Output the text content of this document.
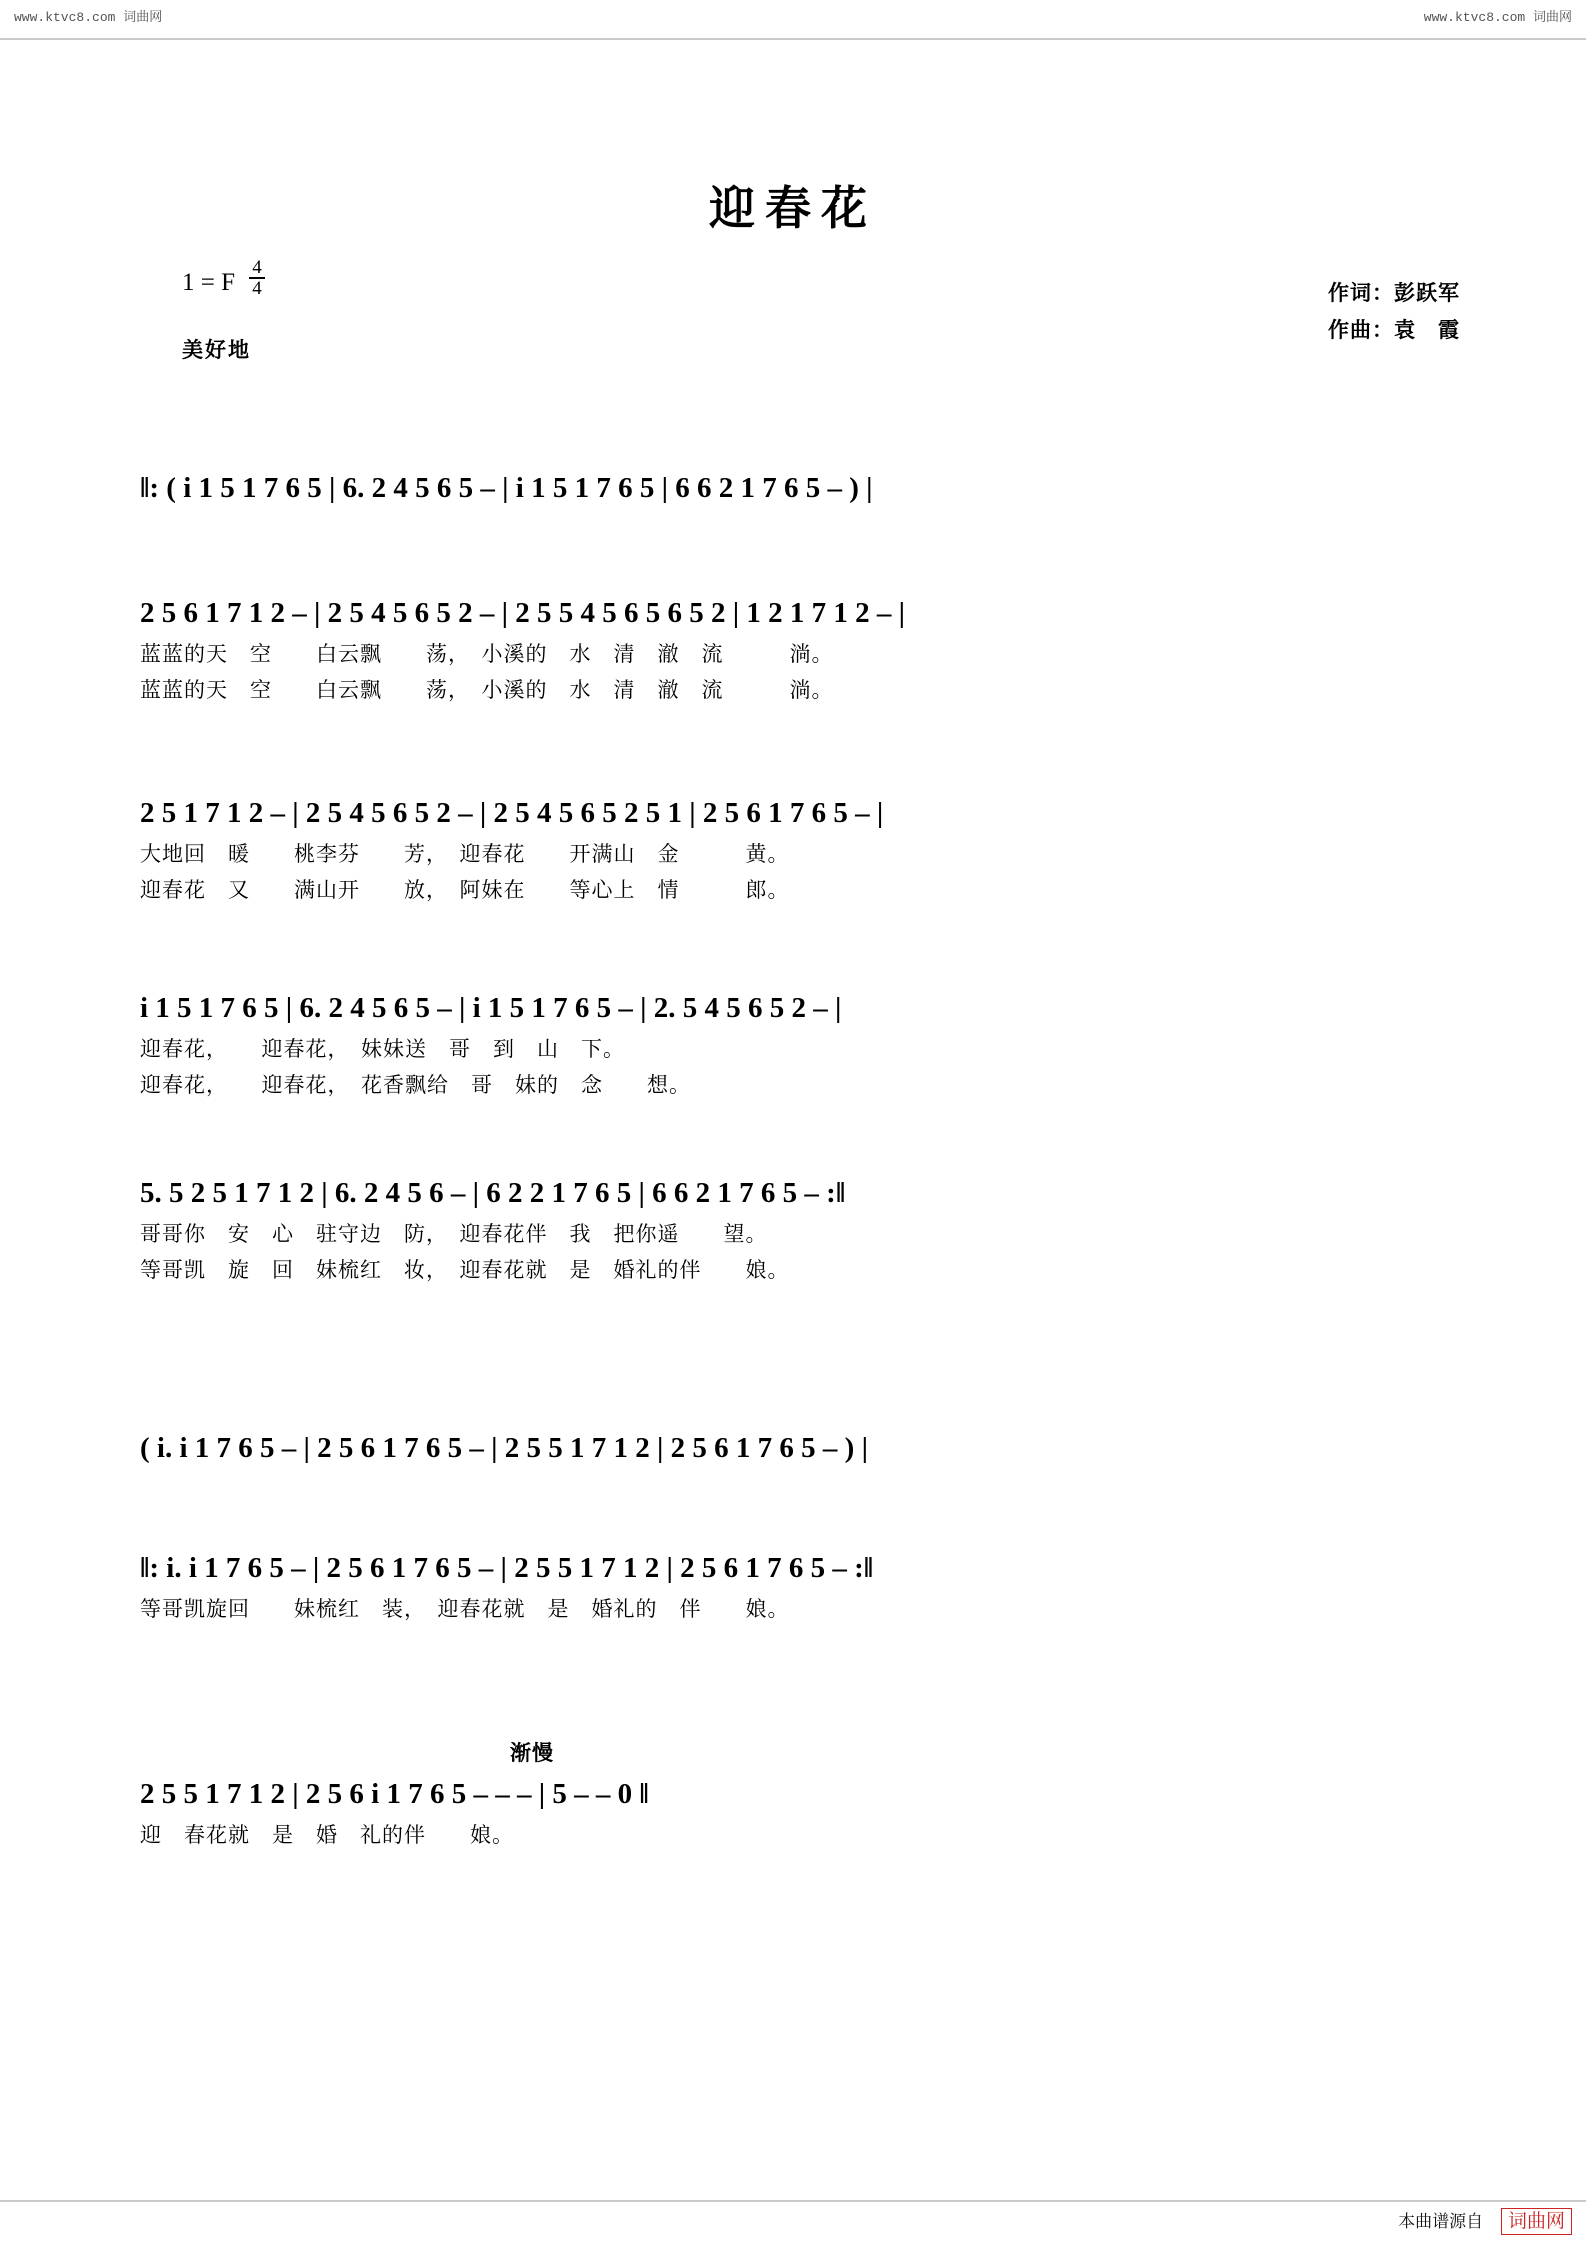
www.ktvc8.com 词曲网	www.ktvc8.com 词曲网
迎春花
1 = F $\frac{4}{4}$
美好地
作词：彭跃军
作曲：袁　霞
‖: ( i 1 5 1 7 6 5 | 6. 2 4 5 6 5 – | i 1 5 1 7 6 5 | 6 6 2 1 7 6 5 – ) |
2 5 6 1 7 1 2 – | 2 5 4 5 6 5 2 – | 2 5 5 4 5 6 5 6 5 2 | 1 2 1 7 1 2 – |
蓝蓝的天　空　　白云飘　　荡，　小溪的　水　清　澈　流　　　淌。
蓝蓝的天　空　　白云飘　　荡，　小溪的　水　清　澈　流　　　淌。
2 5 1 7 1 2 – | 2 5 4 5 6 5 2 – | 2 5 4 5 6 5 2 5 1 | 2 5 6 1 7 6 5 – |
大地回　暖　　桃李芬　　芳，　迎春花　　开满山　金　　　黄。
迎春花　又　　满山开　　放，　阿妹在　　等心上　情　　　郎。
i 1 5 1 7 6 5 | 6. 2 4 5 6 5 – | i 1 5 1 7 6 5 – | 2. 5 4 5 6 5 2 – |
迎春花，　　迎春花，　妹妹送　哥　到　山　下。
迎春花，　　迎春花，　花香飘给　哥　妹的　念　　想。
5. 5 2 5 1 7 1 2 | 6. 2 4 5 6 – | 6 2 2 1 7 6 5 | 6 6 2 1 7 6 5 – :‖
哥哥你　安　心　驻守边　防，　迎春花伴　我　把你遥　　望。
等哥凯　旋　回　妹梳红　妆，　迎春花就　是　婚礼的伴　　娘。
( i. i 1 7 6 5 – | 2 5 6 1 7 6 5 – | 2 5 5 1 7 1 2 | 2 5 6 1 7 6 5 – ) |
‖: i. i 1 7 6 5 – | 2 5 6 1 7 6 5 – | 2 5 5 1 7 1 2 | 2 5 6 1 7 6 5 – :‖
等哥凯旋回　　妹梳红　装，　迎春花就　是　婚礼的　伴　　娘。
渐慢
2 5 5 1 7 1 2 | 2 5 6 i 1 7 6 5 – – – | 5 – – 0 ‖
迎　春花就　是　婚　礼的伴　　娘。
本曲谱源自 词曲网
